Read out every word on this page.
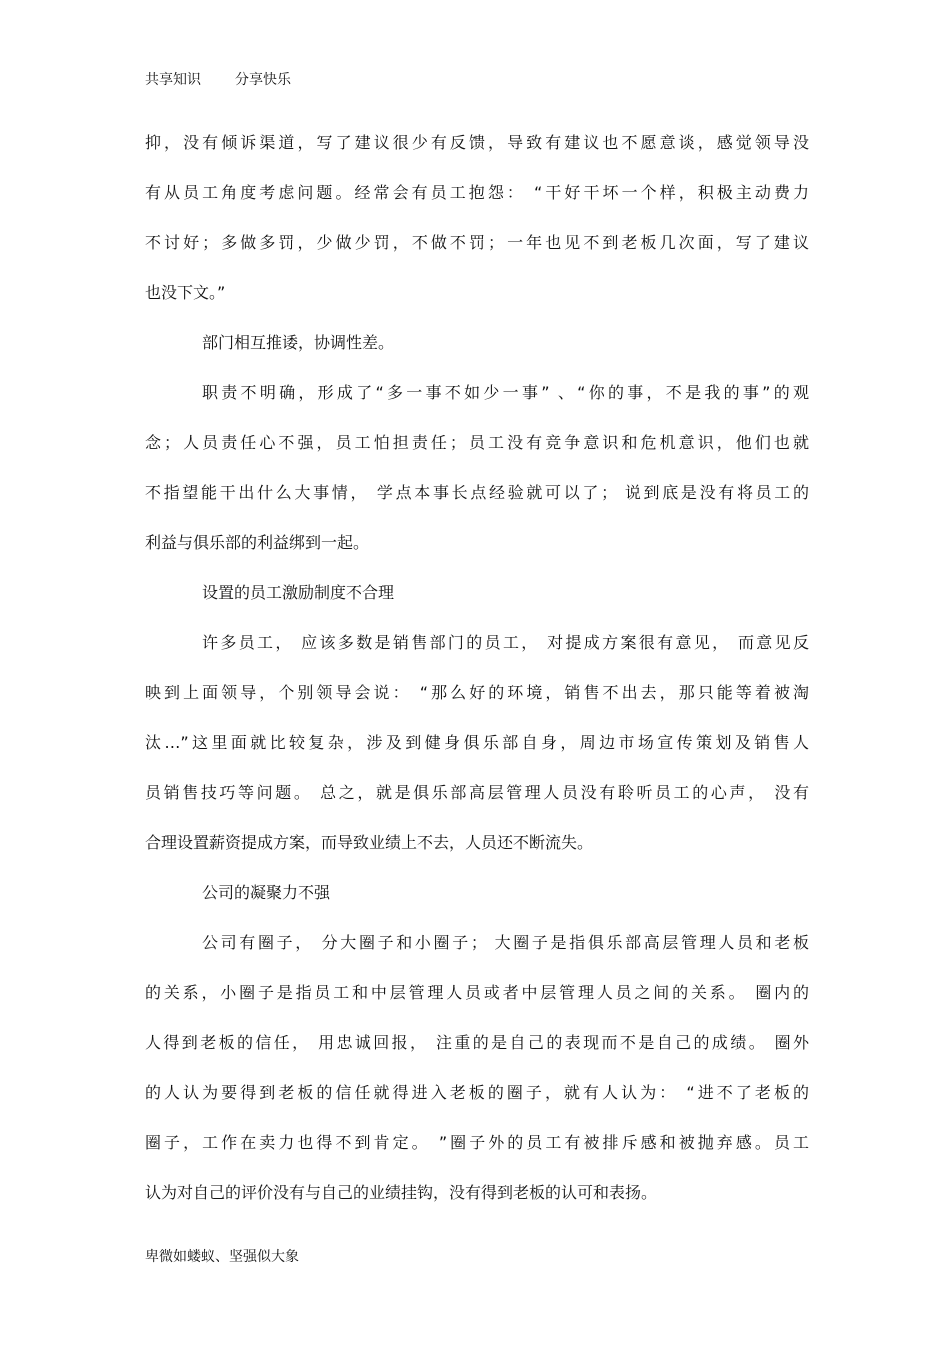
共享知识 分享快乐
抑，没有倾诉渠道，写了建议很少有反馈，导致有建议也不愿意谈，感觉领导没
有从员工角度考虑问题。经常会有员工抱怨： “干好干坏一个样，积极主动费力
不讨好；多做多罚，少做少罚，不做不罚；一年也见不到老板几次面，写了建议
也没下文。”
部门相互推诿，协调性差。
职责不明确，形成了“多一事不如少一事” 、“你的事，不是我的事”的观
念；人员责任心不强，员工怕担责任；员工没有竞争意识和危机意识，他们也就
不指望能干出什么大事情， 学点本事长点经验就可以了； 说到底是没有将员工的
利益与俱乐部的利益绑到一起。
设置的员工激励制度不合理
许多员工， 应该多数是销售部门的员工， 对提成方案很有意见， 而意见反
映到上面领导，个别领导会说： “那么好的环境，销售不出去，那只能等着被淘
汰…”这里面就比较复杂，涉及到健身俱乐部自身，周边市场宣传策划及销售人
员销售技巧等问题。 总之，就是俱乐部高层管理人员没有聆听员工的心声， 没有
合理设置薪资提成方案，而导致业绩上不去，人员还不断流失。
公司的凝聚力不强
公司有圈子， 分大圈子和小圈子； 大圈子是指俱乐部高层管理人员和老板
的关系，小圈子是指员工和中层管理人员或者中层管理人员之间的关系。 圈内的
人得到老板的信任， 用忠诚回报， 注重的是自己的表现而不是自己的成绩。 圈外
的人认为要得到老板的信任就得进入老板的圈子，就有人认为： “进不了老板的
圈子，工作在卖力也得不到肯定。 ”圈子外的员工有被排斥感和被抛弃感。员工
认为对自己的评价没有与自己的业绩挂钩，没有得到老板的认可和表扬。
卑微如蝼蚁、坚强似大象
